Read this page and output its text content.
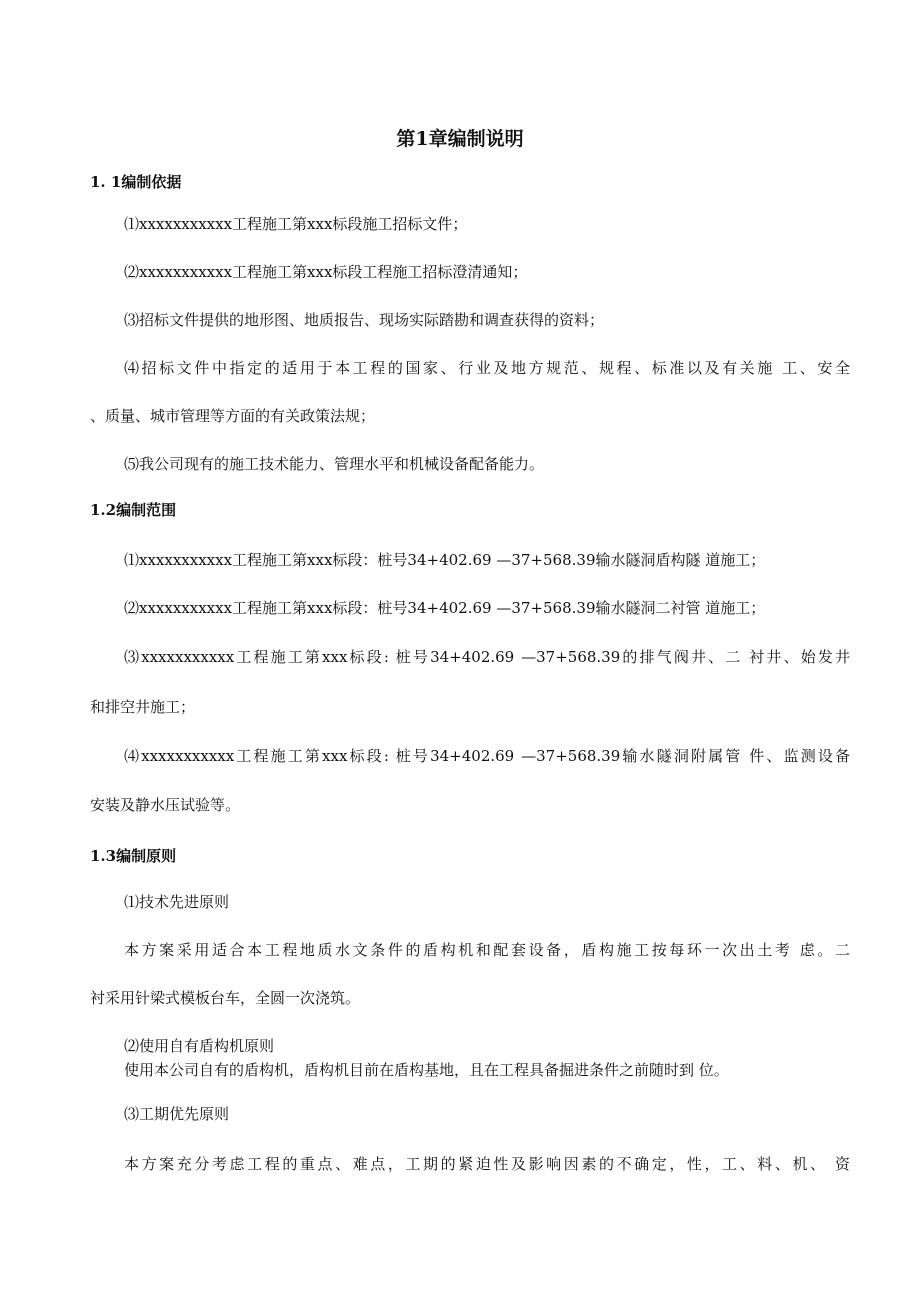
第1章编制说明
1. 1编制依据
⑴xxxxxxxxxxx工程施工第xxx标段施工招标文件；
⑵xxxxxxxxxxx工程施工第xxx标段工程施工招标澄清通知；
⑶招标文件提供的地形图、地质报告、现场实际踏勘和调查获得的资料；
⑷招标文件中指定的适用于本工程的国家、行业及地方规范、规程、标准以及有关施 工、安全
、质量、城市管理等方面的有关政策法规；
⑸我公司现有的施工技术能力、管理水平和机械设备配备能力。
1.2编制范围
⑴xxxxxxxxxxx工程施工第xxx标段：桩号34+402.69 —37+568.39输水隧洞盾构隧 道施工；
⑵xxxxxxxxxxx工程施工第xxx标段：桩号34+402.69 —37+568.39输水隧洞二衬管 道施工；
⑶xxxxxxxxxxx工程施工第xxx标段: 桩号34+402.69 —37+568.39的排气阀井、二 衬井、始发井
和排空井施工；
⑷xxxxxxxxxxx工程施工第xxx标段: 桩号34+402.69 —37+568.39输水隧洞附属管 件、监测设备
安装及静水压试验等。
1.3编制原则
⑴技术先进原则
本方案采用适合本工程地质水文条件的盾构机和配套设备，盾构施工按每环一次出土考 虑。二
衬采用针梁式模板台车，全圆一次浇筑。
⑵使用自有盾构机原则
使用本公司自有的盾构机，盾构机目前在盾构基地，且在工程具备掘进条件之前随时到 位。
⑶工期优先原则
本方案充分考虑工程的重点、难点，工期的紧迫性及影响因素的不确定，性，工、料、机、 资
